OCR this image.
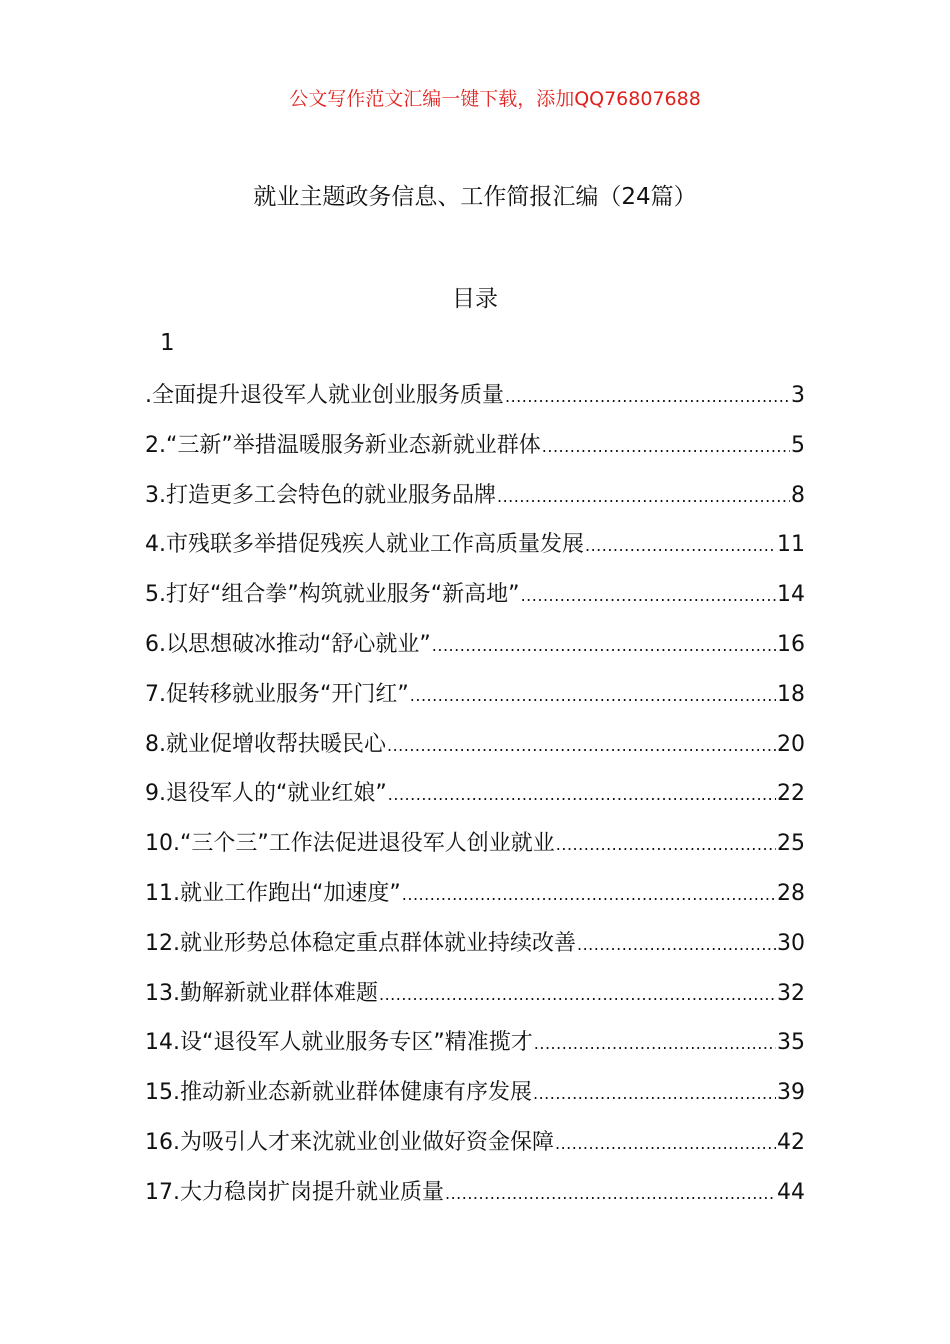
公文写作范文汇编一键下载，添加QQ76807688
就业主题政务信息、工作简报汇编（24篇）
目录
1
.全面提升退役军人就业创业服务质量 .....	3
2.“三新”举措温暖服务新业态新就业群体 .....	5
3.打造更多工会特色的就业服务品牌 .....	8
4.市残联多举措促残疾人就业工作高质量发展 .....	11
5.打好“组合拳”构筑就业服务“新高地” .....	14
6.以思想破冰推动“舒心就业” .....	16
7.促转移就业服务“开门红” .....	18
8.就业促增收帮扶暖民心 .....	20
9.退役军人的“就业红娘” .....	22
10.“三个三”工作法促进退役军人创业就业 .....	25
11.就业工作跑出“加速度” .....	28
12.就业形势总体稳定重点群体就业持续改善 .....	30
13.勤解新就业群体难题 .....	32
14.设“退役军人就业服务专区”精准揽才 .....	35
15.推动新业态新就业群体健康有序发展 .....	39
16.为吸引人才来沈就业创业做好资金保障 .....	42
17.大力稳岗扩岗提升就业质量 .....	44
